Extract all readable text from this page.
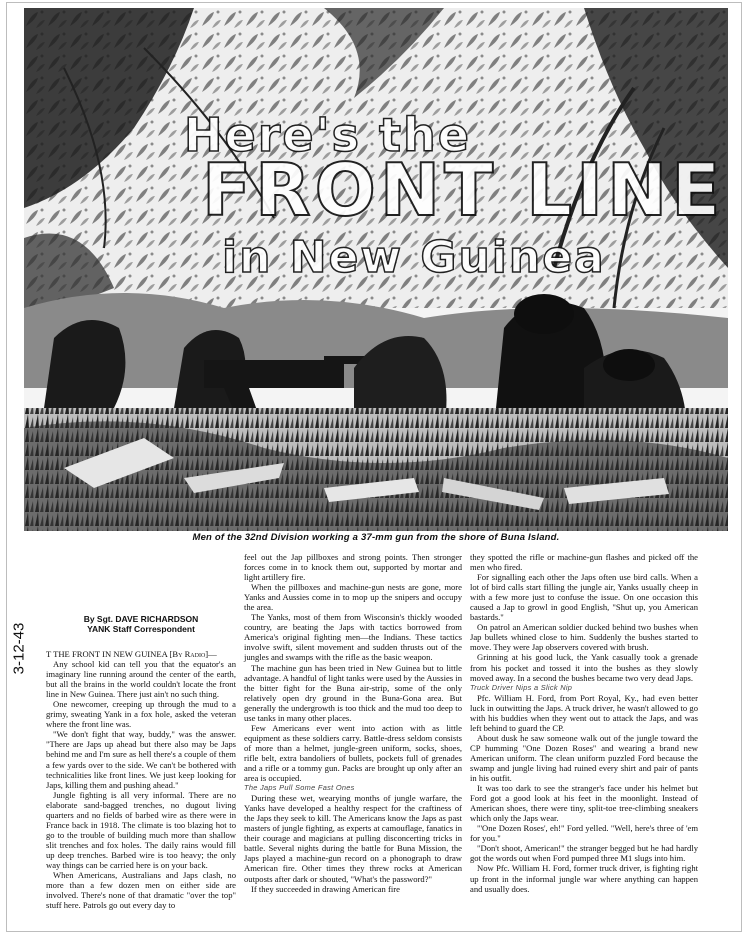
Here's the
FRONT LINE
in New Guinea
Men of the 32nd Division working a 37-mm gun from the shore of Buna Island.
3-12-43
By Sgt. DAVE RICHARDSON
YANK Staff Correspondent

T THE FRONT IN NEW GUINEA [By Radio]—

Any school kid can tell you that the equator's an imaginary line running around the center of the earth, but all the brains in the world couldn't locate the front line in New Guinea. There just ain't no such thing.

One newcomer, creeping up through the mud to a grimy, sweating Yank in a fox hole, asked the veteran where the front line was.

"We don't fight that way, buddy," was the answer. "There are Japs up ahead but there also may be Japs behind me and I'm sure as hell there's a couple of them a few yards over to the side. We can't be bothered with technicalities like front lines. We just keep looking for Japs, killing them and pushing ahead."

Jungle fighting is all very informal. There are no elaborate sand-bagged trenches, no dugout living quarters and no fields of barbed wire as there were in France back in 1918. The climate is too blazing hot to go to the trouble of building much more than shallow slit trenches and fox holes. The daily rains would fill up deep trenches. Barbed wire is too heavy; the only way things can be carried here is on your back.

When Americans, Australians and Japs clash, no more than a few dozen men on either side are involved. There's none of that dramatic "over the top" stuff here. Patrols go out every day to

feel out the Jap pillboxes and strong points. Then stronger forces come in to knock them out, supported by mortar and light artillery fire.

When the pillboxes and machine-gun nests are gone, more Yanks and Aussies come in to mop up the snipers and occupy the area.

The Yanks, most of them from Wisconsin's thickly wooded country, are beating the Japs with tactics borrowed from America's original fighting men—the Indians. These tactics involve swift, silent movement and sudden thrusts out of the jungles and swamps with the rifle as the basic weapon.

The machine gun has been tried in New Guinea but to little advantage. A handful of light tanks were used by the Aussies in the bitter fight for the Buna air-strip, some of the only relatively open dry ground in the Buna-Gona area. But generally the undergrowth is too thick and the mud too deep to use tanks in many other places.

Few Americans ever went into action with as little equipment as these soldiers carry. Battle-dress seldom consists of more than a helmet, jungle-green uniform, socks, shoes, rifle belt, extra bandoliers of bullets, pockets full of grenades and a rifle or a tommy gun. Packs are brought up only after an area is occupied.

The Japs Pull Some Fast Ones

During these wet, wearying months of jungle warfare, the Yanks have developed a healthy respect for the craftiness of the Japs they seek to kill. The Americans know the Japs as past masters of jungle fighting, as experts at camouflage, fanatics in their courage and magicians at pulling disconcerting tricks in battle. Several nights during the battle for Buna Mission, the Japs played a machine-gun record on a phonograph to draw American fire. Other times they threw rocks at American outposts after dark or shouted, "What's the password?"

If they succeeded in drawing American fire

they spotted the rifle or machine-gun flashes and picked off the men who fired.

For signalling each other the Japs often use bird calls. When a lot of bird calls start filling the jungle air, Yanks usually cheep in with a few more just to confuse the issue. On one occasion this caused a Jap to growl in good English, "Shut up, you American bastards."

On patrol an American soldier ducked behind two bushes when Jap bullets whined close to him. Suddenly the bushes started to move. They were Jap observers covered with brush.

Grinning at his good luck, the Yank casually took a grenade from his pocket and tossed it into the bushes as they slowly moved away. In a second the bushes became two very dead Japs.

Truck Driver Nips a Slick Nip

Pfc. William H. Ford, from Port Royal, Ky., had even better luck in outwitting the Japs. A truck driver, he wasn't allowed to go with his buddies when they went out to attack the Japs, and was left behind to guard the CP.

About dusk he saw someone walk out of the jungle toward the CP humming "One Dozen Roses" and wearing a brand new American uniform. The clean uniform puzzled Ford because the swamp and jungle living had ruined every shirt and pair of pants in his outfit.

It was too dark to see the stranger's face under his helmet but Ford got a good look at his feet in the moonlight. Instead of American shoes, there were tiny, split-toe tree-climbing sneakers which only the Japs wear.

"'One Dozen Roses', eh!" Ford yelled. "Well, here's three of 'em for you."

"Don't shoot, American!" the stranger begged but he had hardly got the words out when Ford pumped three M1 slugs into him.

Now Pfc. William H. Ford, former truck driver, is fighting right up front in the informal jungle war where anything can happen and usually does.
